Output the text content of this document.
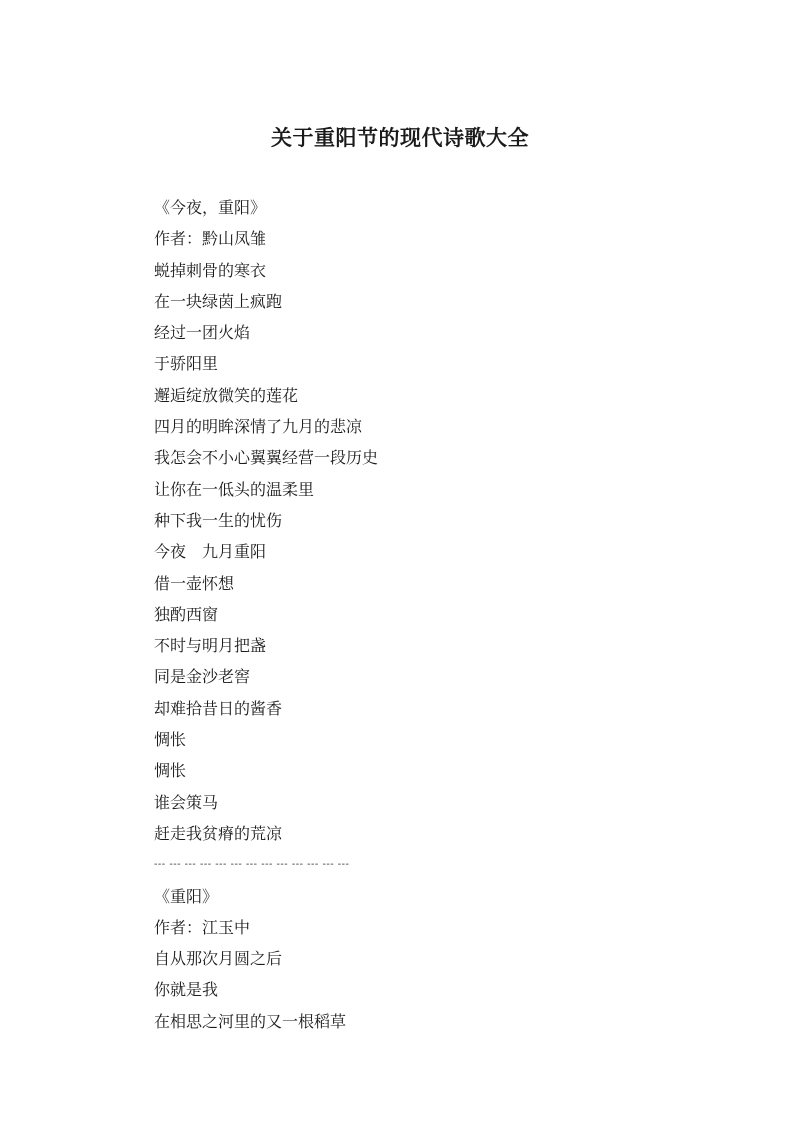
关于重阳节的现代诗歌大全

《今夜，重阳》

作者：黔山凤雏

蜕掉刺骨的寒衣

在一块绿茵上疯跑

经过一团火焰

于骄阳里

邂逅绽放微笑的莲花

四月的明眸深情了九月的悲凉

我怎会不小心翼翼经营一段历史

让你在一低头的温柔里

种下我一生的忧伤

今夜　九月重阳

借一壶怀想

独酌西窗

不时与明月把盏

同是金沙老窖

却难拾昔日的酱香

惆怅

惆怅

谁会策马

赶走我贫瘠的荒凉

--- --- --- --- --- --- --- --- --- --- --- --- ---

《重阳》

作者：江玉中

自从那次月圆之后

你就是我

在相思之河里的又一根稻草
